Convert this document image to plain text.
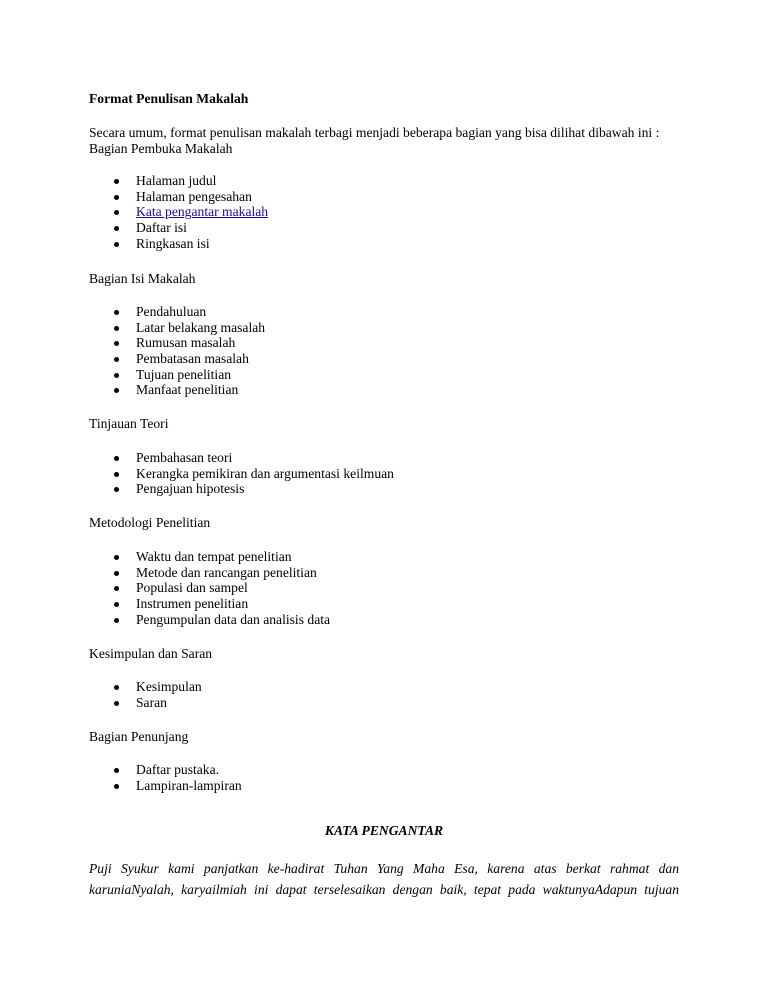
Format Penulisan Makalah
Secara umum, format penulisan makalah terbagi menjadi beberapa bagian yang bisa dilihat dibawah ini :
Bagian Pembuka Makalah
Halaman judul
Halaman pengesahan
Kata pengantar makalah
Daftar isi
Ringkasan isi
Bagian Isi Makalah
Pendahuluan
Latar belakang masalah
Rumusan masalah
Pembatasan masalah
Tujuan penelitian
Manfaat penelitian
Tinjauan Teori
Pembahasan teori
Kerangka pemikiran dan argumentasi keilmuan
Pengajuan hipotesis
Metodologi Penelitian
Waktu dan tempat penelitian
Metode dan rancangan penelitian
Populasi dan sampel
Instrumen penelitian
Pengumpulan data dan analisis data
Kesimpulan dan Saran
Kesimpulan
Saran
Bagian Penunjang
Daftar pustaka.
Lampiran-lampiran
KATA PENGANTAR
Puji Syukur kami panjatkan ke-hadirat Tuhan Yang Maha Esa, karena atas berkat rahmat dan
karuniaNyalah, karyailmiah ini dapat terselesaikan dengan baik, tepat pada waktunyaAdapun tujuan
